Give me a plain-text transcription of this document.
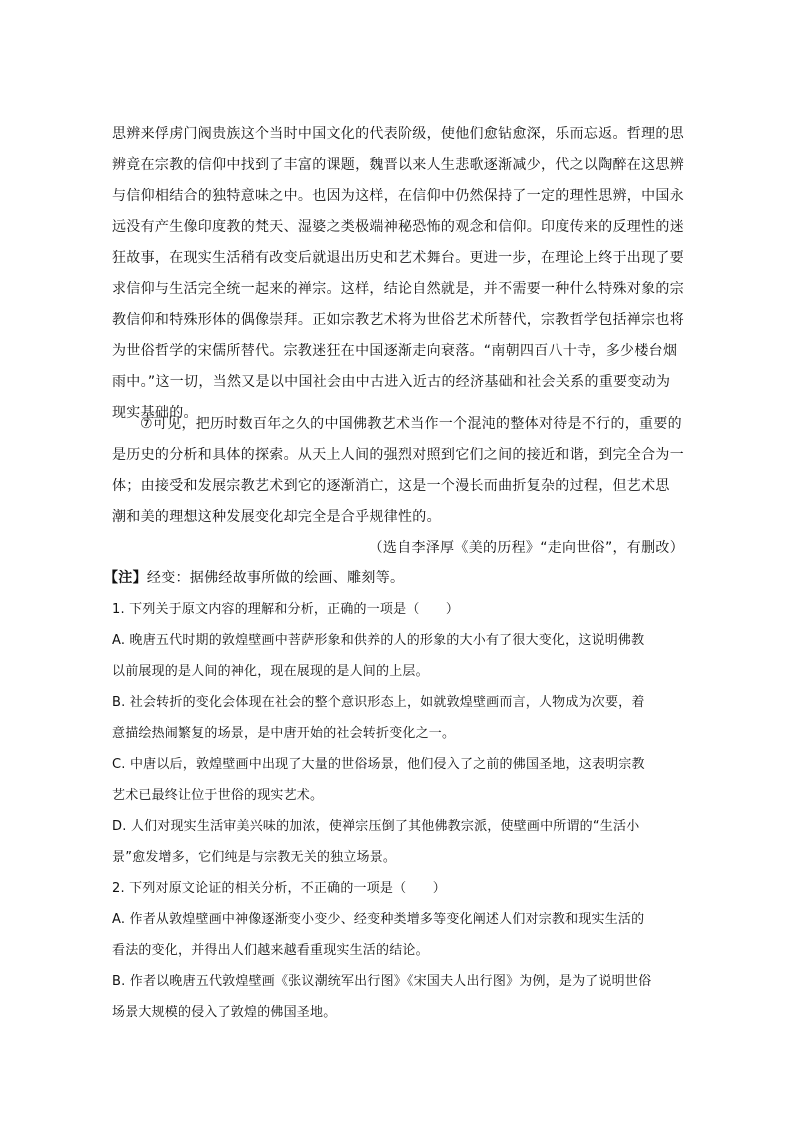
思辨来俘虏门阀贵族这个当时中国文化的代表阶级，使他们愈钻愈深，乐而忘返。哲理的思

辨竟在宗教的信仰中找到了丰富的课题，魏晋以来人生悲歌逐渐减少，代之以陶醉在这思辨

与信仰相结合的独特意味之中。也因为这样，在信仰中仍然保持了一定的理性思辨，中国永

远没有产生像印度教的梵天、湿婆之类极端神秘恐怖的观念和信仰。印度传来的反理性的迷

狂故事，在现实生活稍有改变后就退出历史和艺术舞台。更进一步，在理论上终于出现了要

求信仰与生活完全统一起来的禅宗。这样，结论自然就是，并不需要一种什么特殊对象的宗

教信仰和特殊形体的偶像崇拜。正如宗教艺术将为世俗艺术所替代，宗教哲学包括禅宗也将

为世俗哲学的宋儒所替代。宗教迷狂在中国逐渐走向衰落。“南朝四百八十寺，多少楼台烟

雨中。”这一切，当然又是以中国社会由中古进入近古的经济基础和社会关系的重要变动为

现实基础的。

⑦可见，把历时数百年之久的中国佛教艺术当作一个混沌的整体对待是不行的，重要的

是历史的分析和具体的探索。从天上人间的强烈对照到它们之间的接近和谐，到完全合为一

体；由接受和发展宗教艺术到它的逐渐消亡，这是一个漫长而曲折复杂的过程，但艺术思

潮和美的理想这种发展变化却完全是合乎规律性的。

（选自李泽厚《美的历程》“走向世俗”，有删改）

【注】经变：据佛经故事所做的绘画、雕刻等。

1. 下列关于原文内容的理解和分析，正确的一项是（　　）

A. 晚唐五代时期的敦煌壁画中菩萨形象和供养的人的形象的大小有了很大变化，这说明佛教

以前展现的是人间的神化，现在展现的是人间的上层。

B. 社会转折的变化会体现在社会的整个意识形态上，如就敦煌壁画而言，人物成为次要，着

意描绘热闹繁复的场景，是中唐开始的社会转折变化之一。

C. 中唐以后，敦煌壁画中出现了大量的世俗场景，他们侵入了之前的佛国圣地，这表明宗教

艺术已最终让位于世俗的现实艺术。

D. 人们对现实生活审美兴味的加浓，使禅宗压倒了其他佛教宗派，使壁画中所谓的“生活小

景”愈发增多，它们纯是与宗教无关的独立场景。

2. 下列对原文论证的相关分析，不正确的一项是（　　）

A. 作者从敦煌壁画中神像逐渐变小变少、经变种类增多等变化阐述人们对宗教和现实生活的

看法的变化，并得出人们越来越看重现实生活的结论。

B. 作者以晚唐五代敦煌壁画《张议潮统军出行图》《宋国夫人出行图》为例，是为了说明世俗

场景大规模的侵入了敦煌的佛国圣地。
